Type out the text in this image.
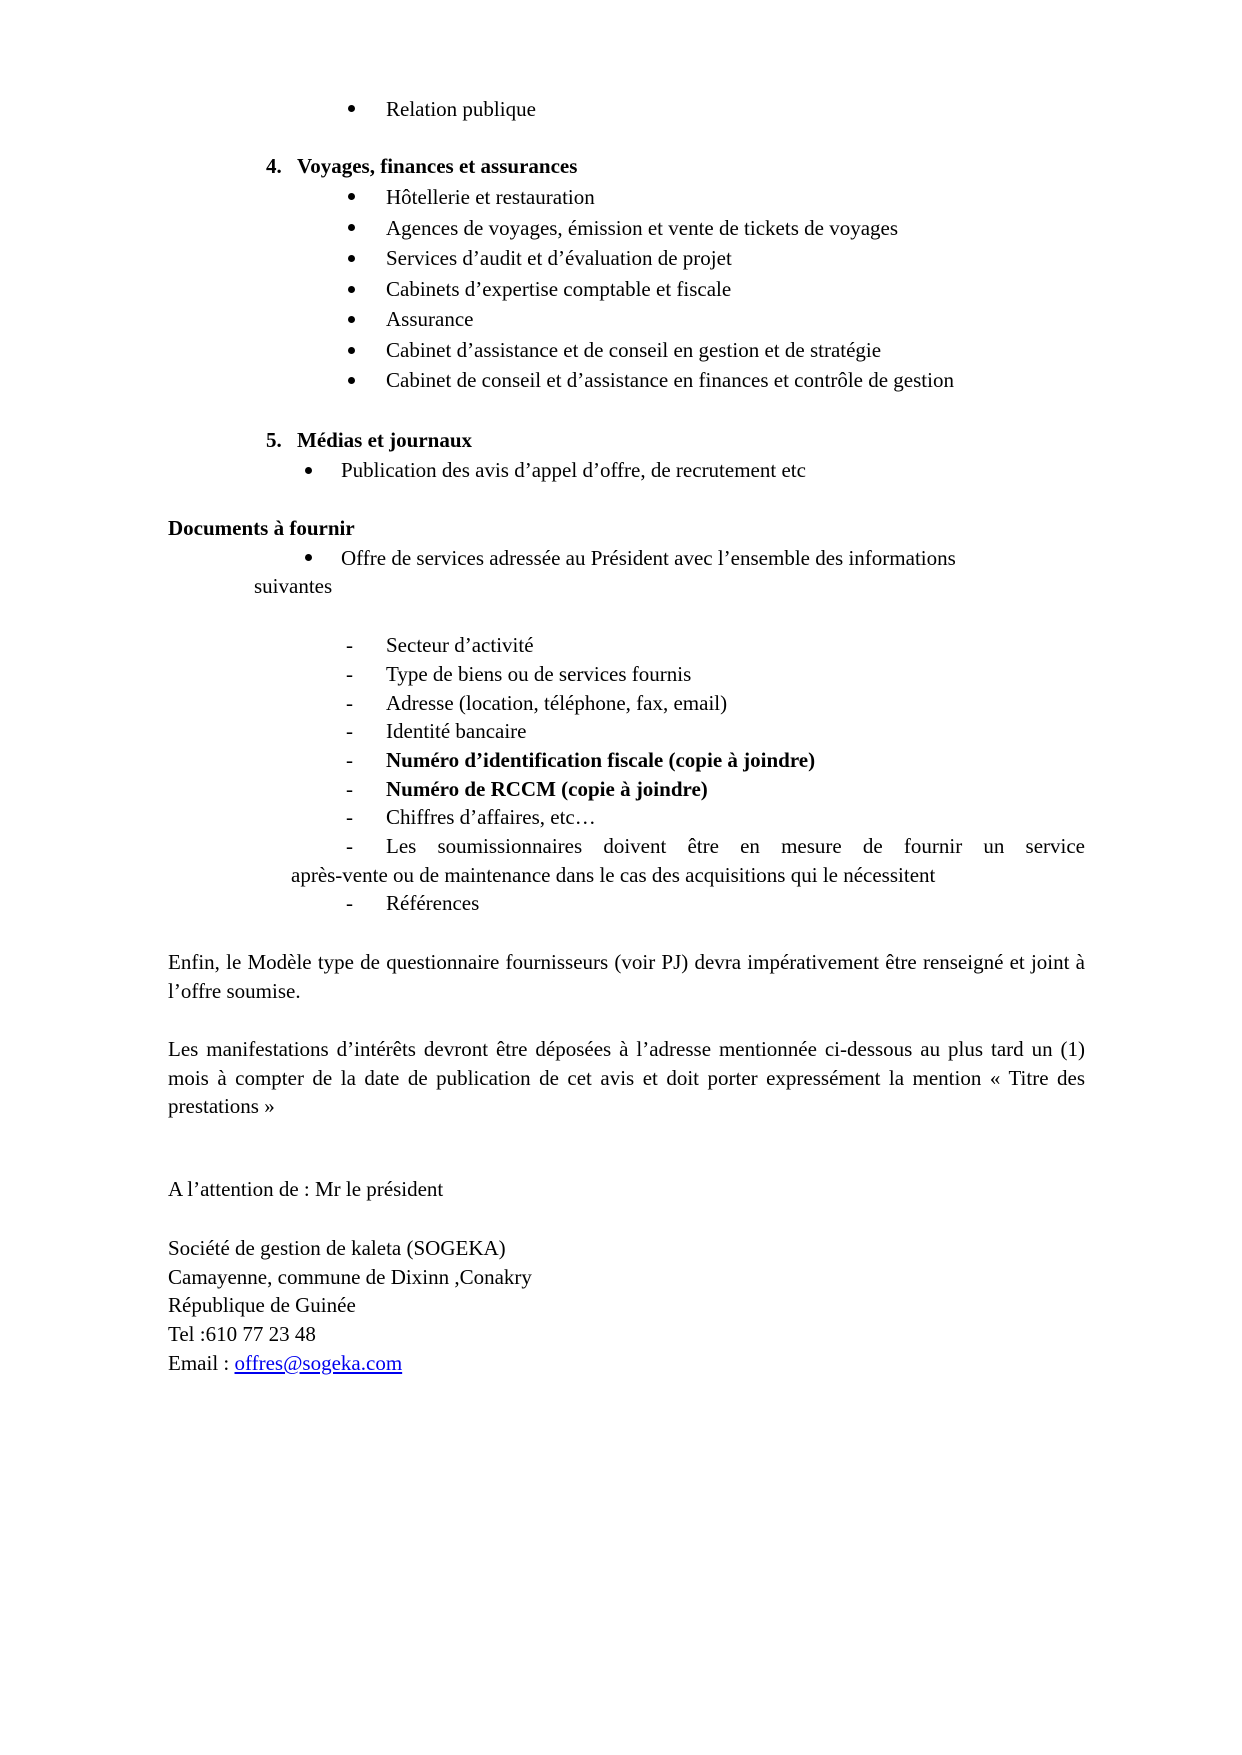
Relation publique
4. Voyages, finances et assurances
Hôtellerie et restauration
Agences de voyages, émission et vente de tickets de voyages
Services d’audit et d’évaluation de projet
Cabinets d’expertise comptable et fiscale
Assurance
Cabinet d’assistance et de conseil en gestion et de stratégie
Cabinet de conseil et d’assistance en finances et contrôle de gestion
5. Médias et journaux
Publication des avis d’appel d’offre, de recrutement etc
Documents à fournir
Offre de services adressée au Président avec l’ensemble des informations
suivantes
- Secteur d’activité
- Type de biens ou de services fournis
- Adresse (location, téléphone, fax, email)
- Identité bancaire
- Numéro d’identification fiscale (copie à joindre)
- Numéro de RCCM (copie à joindre)
- Chiffres d’affaires, etc…
- Les soumissionnaires doivent être en mesure de fournir un service
après-vente ou de maintenance dans le cas des acquisitions qui le nécessitent
- Références
Enfin, le Modèle type de questionnaire fournisseurs (voir PJ) devra impérativement être renseigné et joint à l’offre soumise.
Les manifestations d’intérêts devront être déposées à l’adresse mentionnée ci-dessous au plus tard un (1) mois à compter de la date de publication de cet avis et doit porter expressément la mention « Titre des prestations »
A l’attention de : Mr le président
Société de gestion de kaleta (SOGEKA)
Camayenne, commune de Dixinn ,Conakry
République de Guinée
Tel :610 77 23 48
Email : offres@sogeka.com
